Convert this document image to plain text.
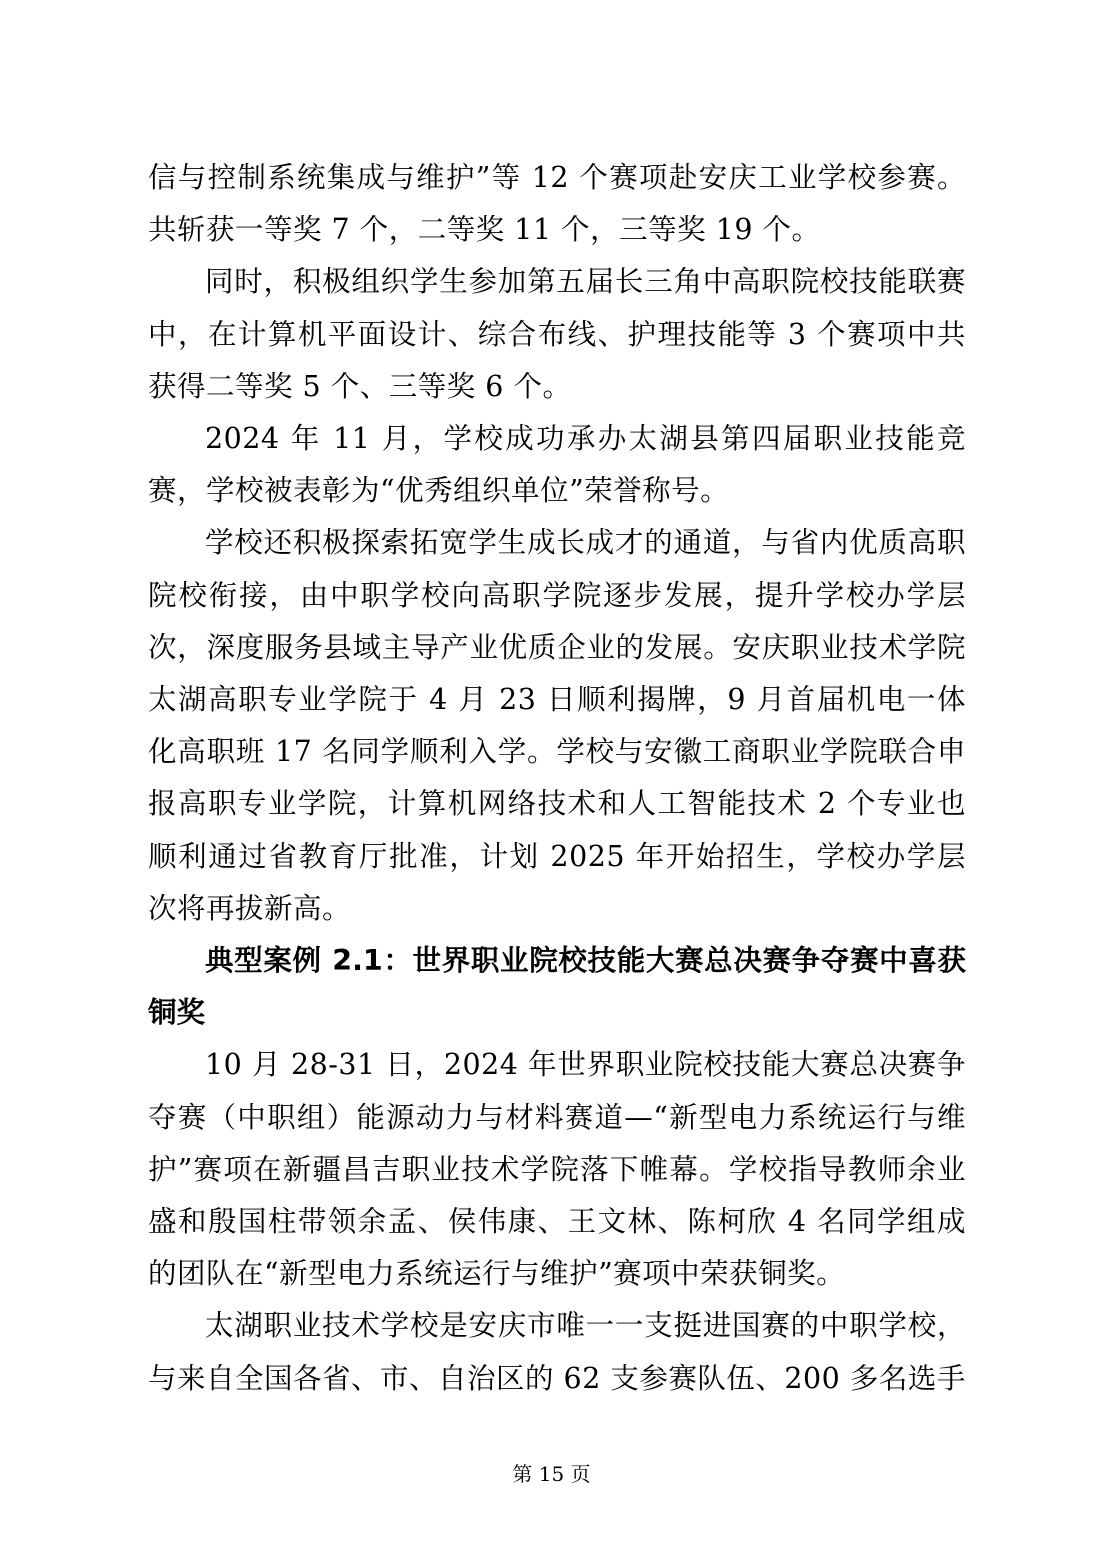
信与控制系统集成与维护”等 12 个赛项赴安庆工业学校参赛。共斩获一等奖 7 个，二等奖 11 个，三等奖 19 个。

同时，积极组织学生参加第五届长三角中高职院校技能联赛中，在计算机平面设计、综合布线、护理技能等 3 个赛项中共获得二等奖 5 个、三等奖 6 个。

2024 年 11 月，学校成功承办太湖县第四届职业技能竞赛，学校被表彰为“优秀组织单位”荣誉称号。

学校还积极探索拓宽学生成长成才的通道，与省内优质高职院校衔接，由中职学校向高职学院逐步发展，提升学校办学层次，深度服务县域主导产业优质企业的发展。安庆职业技术学院太湖高职专业学院于 4 月 23 日顺利揭牌，9 月首届机电一体化高职班 17 名同学顺利入学。学校与安徽工商职业学院联合申报高职专业学院，计算机网络技术和人工智能技术 2 个专业也顺利通过省教育厅批准，计划 2025 年开始招生，学校办学层次将再拔新高。

典型案例 2.1：世界职业院校技能大赛总决赛争夺赛中喜获铜奖

10 月 28-31 日，2024 年世界职业院校技能大赛总决赛争夺赛（中职组）能源动力与材料赛道—“新型电力系统运行与维护”赛项在新疆昌吉职业技术学院落下帷幕。学校指导教师余业盛和殷国柱带领余孟、侯伟康、王文林、陈柯欣 4 名同学组成的团队在“新型电力系统运行与维护”赛项中荣获铜奖。

太湖职业技术学校是安庆市唯一一支挺进国赛的中职学校，与来自全国各省、市、自治区的 62 支参赛队伍、200 多名选手

第 15 页
